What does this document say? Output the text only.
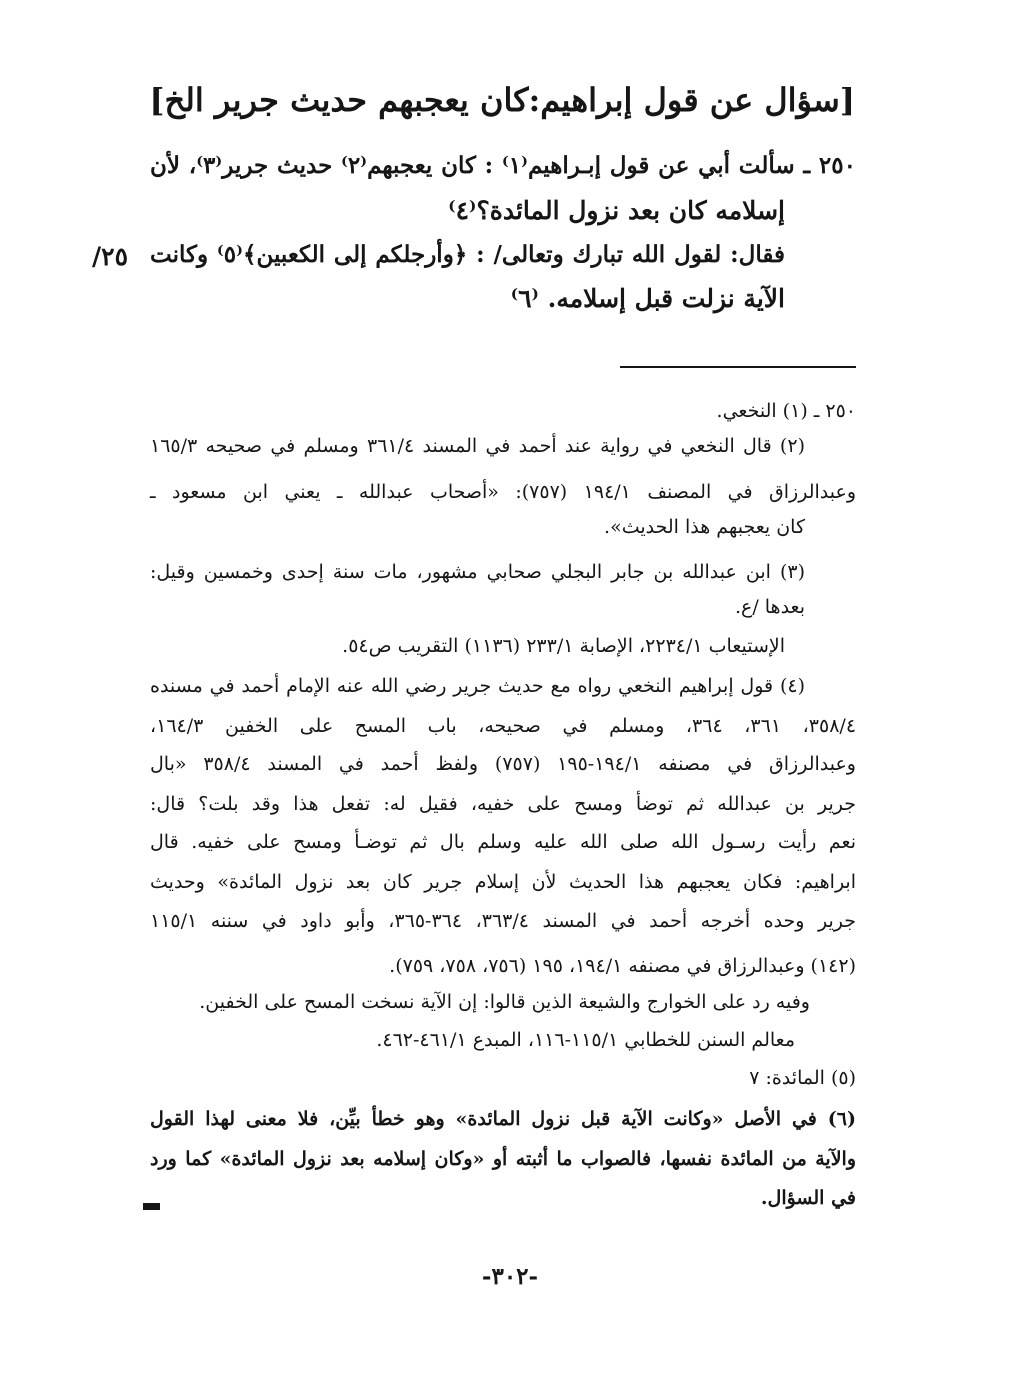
[سؤال عن قول إبراهيم:كان يعجبهم حديث جرير الخ]
٢٥/
٢٥٠ ـ سألت أبي عن قول إبـراهيم⁽١⁾ : كان يعجبهم⁽٢⁾ حديث جرير⁽٣⁾، لأن
إسلامه كان بعد نزول المائدة؟⁽٤⁾
فقال: لقول الله تبارك وتعالى/ : ﴿وأرجلكم إلى الكعبين﴾⁽٥⁾ وكانت
الآية نزلت قبل إسلامه. ⁽٦⁾
٢٥٠ ـ (١) النخعي.
(٢) قال النخعي في رواية عند أحمد في المسند ٣٦١/٤ ومسلم في صحيحه ١٦٥/٣
وعبدالرزاق في المصنف ١٩٤/١ (٧٥٧): «أصحاب عبدالله ـ يعني ابن مسعود ـ
كان يعجبهم هذا الحديث».
(٣) ابن عبدالله بن جابر البجلي صحابي مشهور، مات سنة إحدى وخمسين وقيل:
بعدها /ع.
الإستيعاب ٢٢٣٤/١، الإصابة ٢٣٣/١ (١١٣٦) التقريب ص٥٤.
(٤) قول إبراهيم النخعي رواه مع حديث جرير رضي الله عنه الإمام أحمد في مسنده
٣٥٨/٤، ٣٦١، ٣٦٤، ومسلم في صحيحه، باب المسح على الخفين ١٦٤/٣،
وعبدالرزاق في مصنفه ١٩٤/١-١٩٥ (٧٥٧) ولفظ أحمد في المسند ٣٥٨/٤ «بال
جرير بن عبدالله ثم توضأ ومسح على خفيه، فقيل له: تفعل هذا وقد بلت؟ قال:
نعم رأيت رسـول الله صلى الله عليه وسلم بال ثم توضـأ ومسح على خفيه. قال
ابراهيم: فكان يعجبهم هذا الحديث لأن إسلام جرير كان بعد نزول المائدة» وحديث
جرير وحده أخرجه أحمد في المسند ٣٦٣/٤، ٣٦٤-٣٦٥، وأبو داود في سننه ١١٥/١
(١٤٢) وعبدالرزاق في مصنفه ١٩٤/١، ١٩٥ (٧٥٦، ٧٥٨، ٧٥٩).
وفيه رد على الخوارج والشيعة الذين قالوا: إن الآية نسخت المسح على الخفين.
معالم السنن للخطابي ١١٥/١-١١٦، المبدع ٤٦١/١-٤٦٢.
(٥) المائدة: ٧
(٦) في الأصل «وكانت الآية قبل نزول المائدة» وهو خطأ بيِّن، فلا معنى لهذا القول
والآية من المائدة نفسها، فالصواب ما أثبته أو «وكان إسلامه بعد نزول المائدة» كما ورد
في السؤال.
-٣٠٢-
